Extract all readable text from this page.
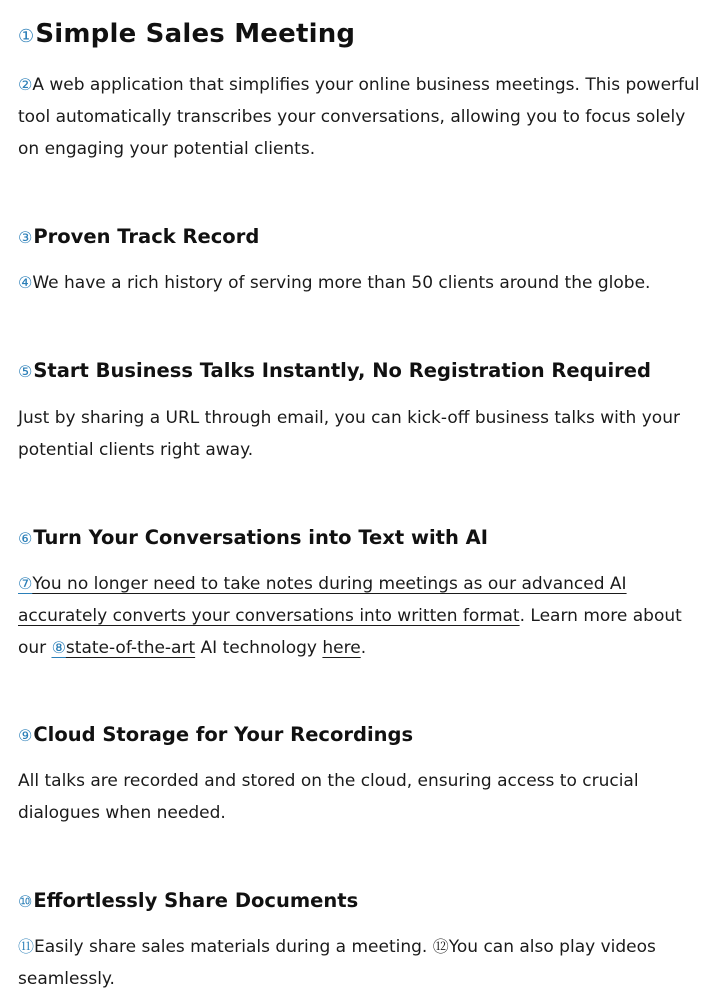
①Simple Sales Meeting

②A web application that simplifies your online business meetings. This powerful tool automatically transcribes your conversations, allowing you to focus solely on engaging your potential clients.

③Proven Track Record

④We have a rich history of serving more than 50 clients around the globe.

⑤Start Business Talks Instantly, No Registration Required

Just by sharing a URL through email, you can kick-off business talks with your potential clients right away.

⑥Turn Your Conversations into Text with AI

⑦You no longer need to take notes during meetings as our advanced AI accurately converts your conversations into written format. Learn more about our ⑧state-of-the-art AI technology here.

⑨Cloud Storage for Your Recordings

All talks are recorded and stored on the cloud, ensuring access to crucial dialogues when needed.

⑩Effortlessly Share Documents

⑪Easily share sales materials during a meeting. ⑫You can also play videos seamlessly.
